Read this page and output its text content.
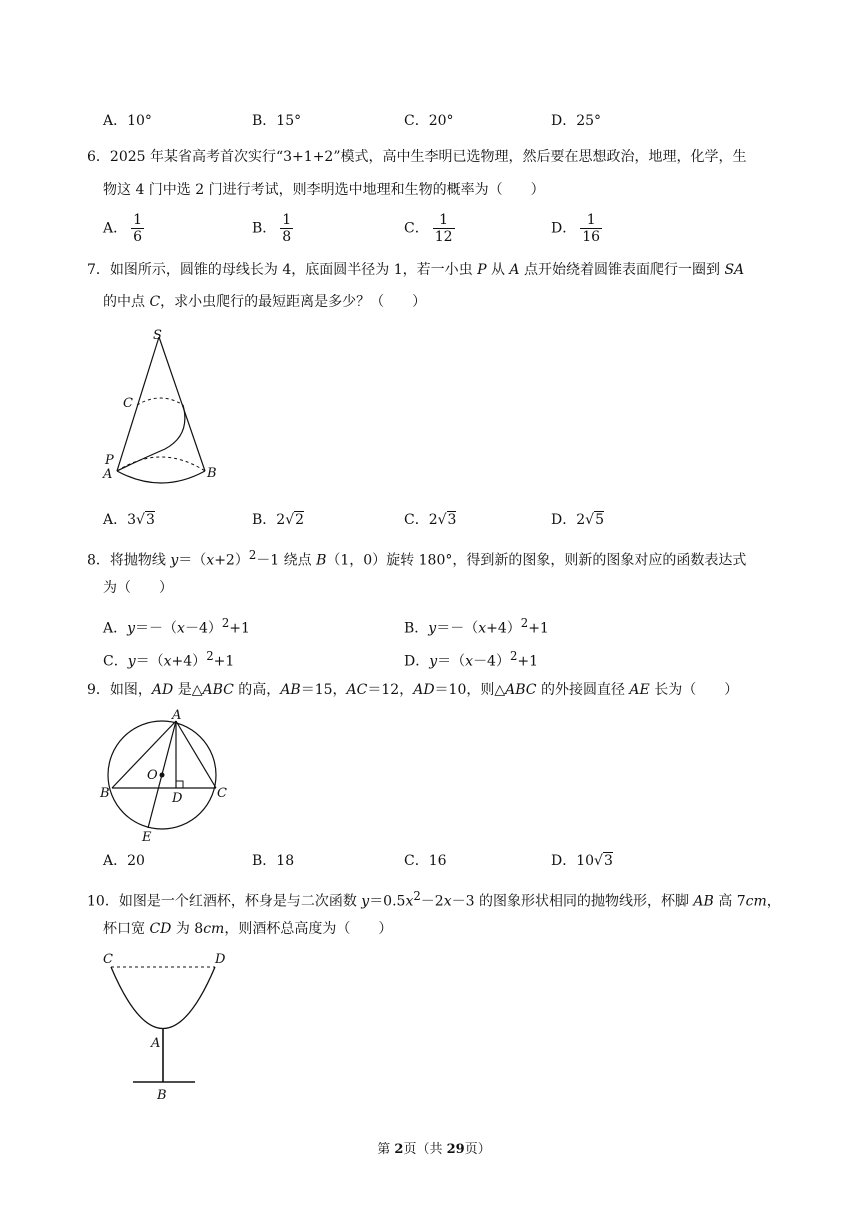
A．10°	B．15°	C．20°	D．25°
6．2025 年某省高考首次实行“3+1+2”模式，高中生李明已选物理，然后要在思想政治，地理，化学，生
物这 4 门中选 2 门进行考试，则李明选中地理和生物的概率为（　　）
A． $\frac{1}{6}$	B． $\frac{1}{8}$	C． $\frac{1}{12}$	D． $\frac{1}{16}$
7．如图所示，圆锥的母线长为 4，底面圆半径为 1，若一小虫 P 从 A 点开始绕着圆锥表面爬行一圈到 SA
的中点 C，求小虫爬行的最短距离是多少？（　　）
S
C
P
A	B
A．3√3	B．2√2	C．2√3	D．2√5
8．将抛物线 $y=(x+2)^2-1$ 绕点 B（1，0）旋转 180°，得到新的图象，则新的图象对应的函数表达式
为（　　）
A．$y=-(x-4)^2+1$	B．$y=-(x+4)^2+1$
C．$y=(x+4)^2+1$	D．$y=(x-4)^2+1$
9．如图，AD 是△ABC 的高，AB＝15，AC＝12，AD＝10，则△ABC 的外接圆直径 AE 长为（　　）
A
O
B	D	C
E
A．20	B．18	C．16	D．10√3
10．如图是一个红酒杯，杯身是与二次函数 $y=0.5x^2-2x-3$ 的图象形状相同的抛物线形，杯脚 AB 高 7cm，
杯口宽 CD 为 8cm，则酒杯总高度为（　　）
C	D
A
B
第 2页（共 29页）
